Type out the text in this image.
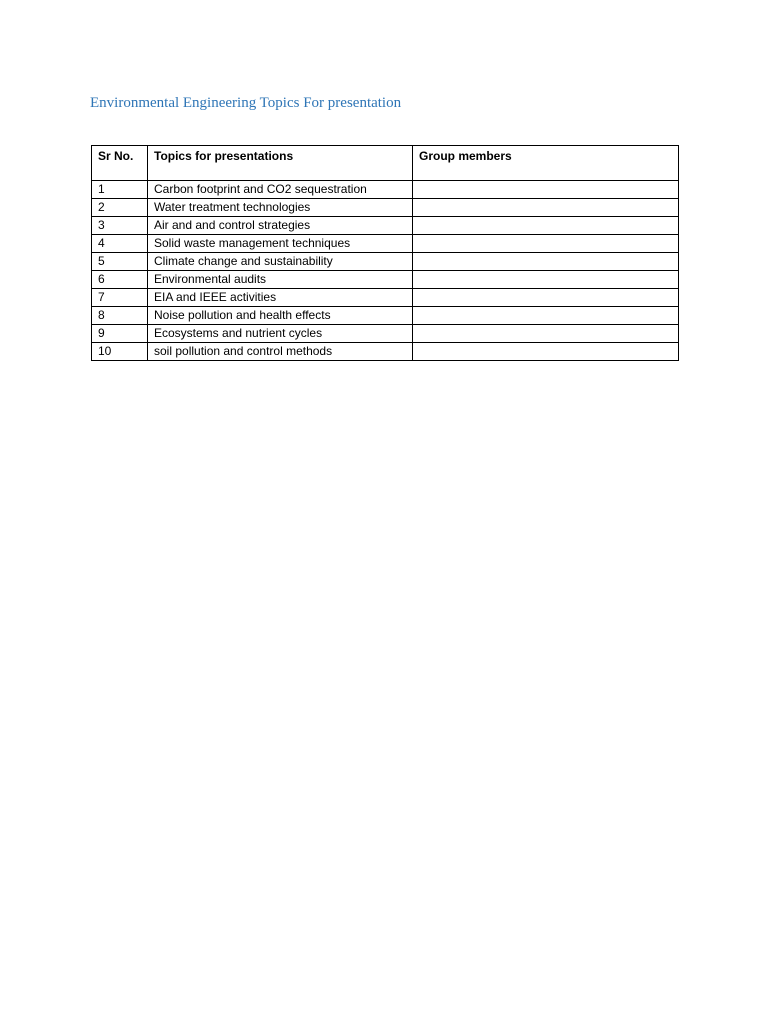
Environmental Engineering Topics For presentation
Sr No.	Topics for presentations	Group members
1	Carbon footprint and CO2 sequestration	
2	Water treatment technologies	
3	Air and and control strategies	
4	Solid waste management techniques	
5	Climate change and sustainability	
6	Environmental audits	
7	EIA and IEEE activities	
8	Noise pollution and health effects	
9	Ecosystems and nutrient cycles	
10	soil pollution and control methods	
